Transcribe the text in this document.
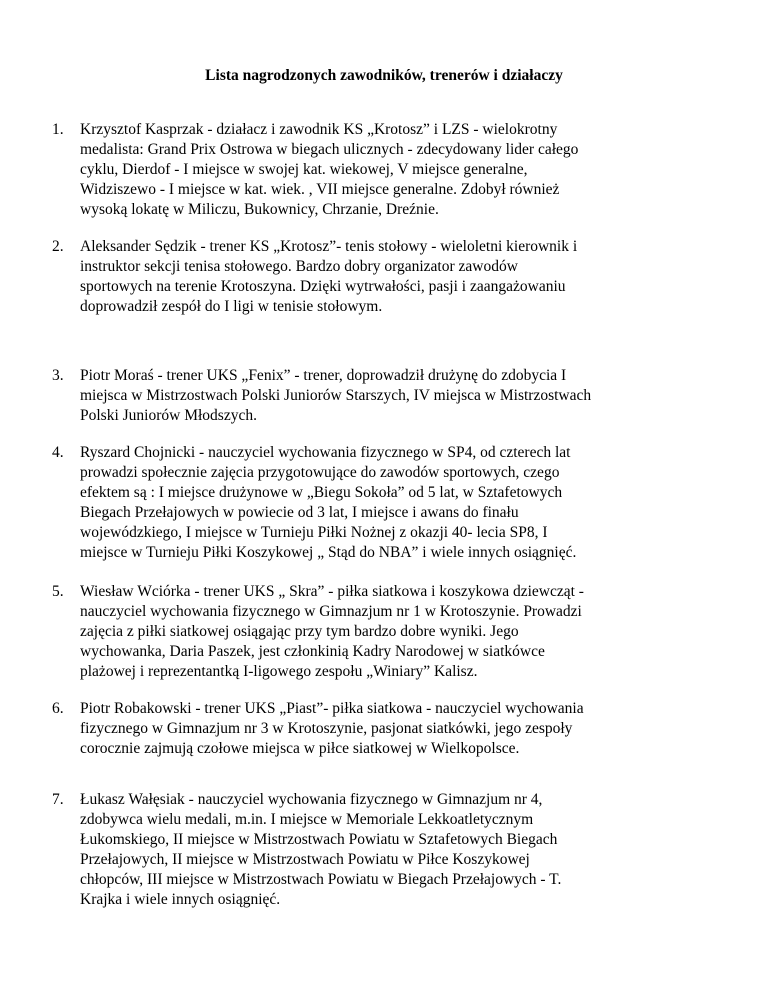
Lista nagrodzonych zawodników, trenerów i działaczy
1. Krzysztof Kasprzak - działacz i zawodnik KS „Krotosz” i LZS - wielokrotny
medalista: Grand Prix Ostrowa w biegach ulicznych - zdecydowany lider całego
cyklu, Dierdof - I miejsce w swojej kat. wiekowej, V miejsce generalne,
Widziszewo - I miejsce w kat. wiek. , VII miejsce generalne. Zdobył również
wysoką lokatę w Miliczu, Bukownicy, Chrzanie, Dreźnie.
2. Aleksander Sędzik - trener KS „Krotosz”- tenis stołowy - wieloletni kierownik i
instruktor sekcji tenisa stołowego. Bardzo dobry organizator zawodów
sportowych na terenie Krotoszyna. Dzięki wytrwałości, pasji i zaangażowaniu
doprowadził zespół do I ligi w tenisie stołowym.
3. Piotr Moraś - trener UKS „Fenix” - trener, doprowadził drużynę do zdobycia I
miejsca w Mistrzostwach Polski Juniorów Starszych, IV miejsca w Mistrzostwach
Polski Juniorów Młodszych.
4. Ryszard Chojnicki - nauczyciel wychowania fizycznego w SP4, od czterech lat
prowadzi społecznie zajęcia przygotowujące do zawodów sportowych, czego
efektem są : I miejsce drużynowe w „Biegu Sokoła” od 5 lat, w Sztafetowych
Biegach Przełajowych w powiecie od 3 lat, I miejsce i awans do finału
wojewódzkiego, I miejsce w Turnieju Piłki Nożnej z okazji 40- lecia SP8, I
miejsce w Turnieju Piłki Koszykowej „ Stąd do NBA” i wiele innych osiągnięć.
5. Wiesław Wciórka - trener UKS „ Skra” - piłka siatkowa i koszykowa dziewcząt -
nauczyciel wychowania fizycznego w Gimnazjum nr 1 w Krotoszynie. Prowadzi
zajęcia z piłki siatkowej osiągając przy tym bardzo dobre wyniki. Jego
wychowanka, Daria Paszek, jest członkinią Kadry Narodowej w siatkówce
plażowej i reprezentantką I-ligowego zespołu „Winiary” Kalisz.
6. Piotr Robakowski - trener UKS „Piast”- piłka siatkowa - nauczyciel wychowania
fizycznego w Gimnazjum nr 3 w Krotoszynie, pasjonat siatkówki, jego zespoły
corocznie zajmują czołowe miejsca w piłce siatkowej w Wielkopolsce.
7. Łukasz Wałęsiak - nauczyciel wychowania fizycznego w Gimnazjum nr 4,
zdobywca wielu medali, m.in. I miejsce w Memoriale Lekkoatletycznym
Łukomskiego, II miejsce w Mistrzostwach Powiatu w Sztafetowych Biegach
Przełajowych, II miejsce w Mistrzostwach Powiatu w Piłce Koszykowej
chłopców, III miejsce w Mistrzostwach Powiatu w Biegach Przełajowych - T.
Krajka i wiele innych osiągnięć.
